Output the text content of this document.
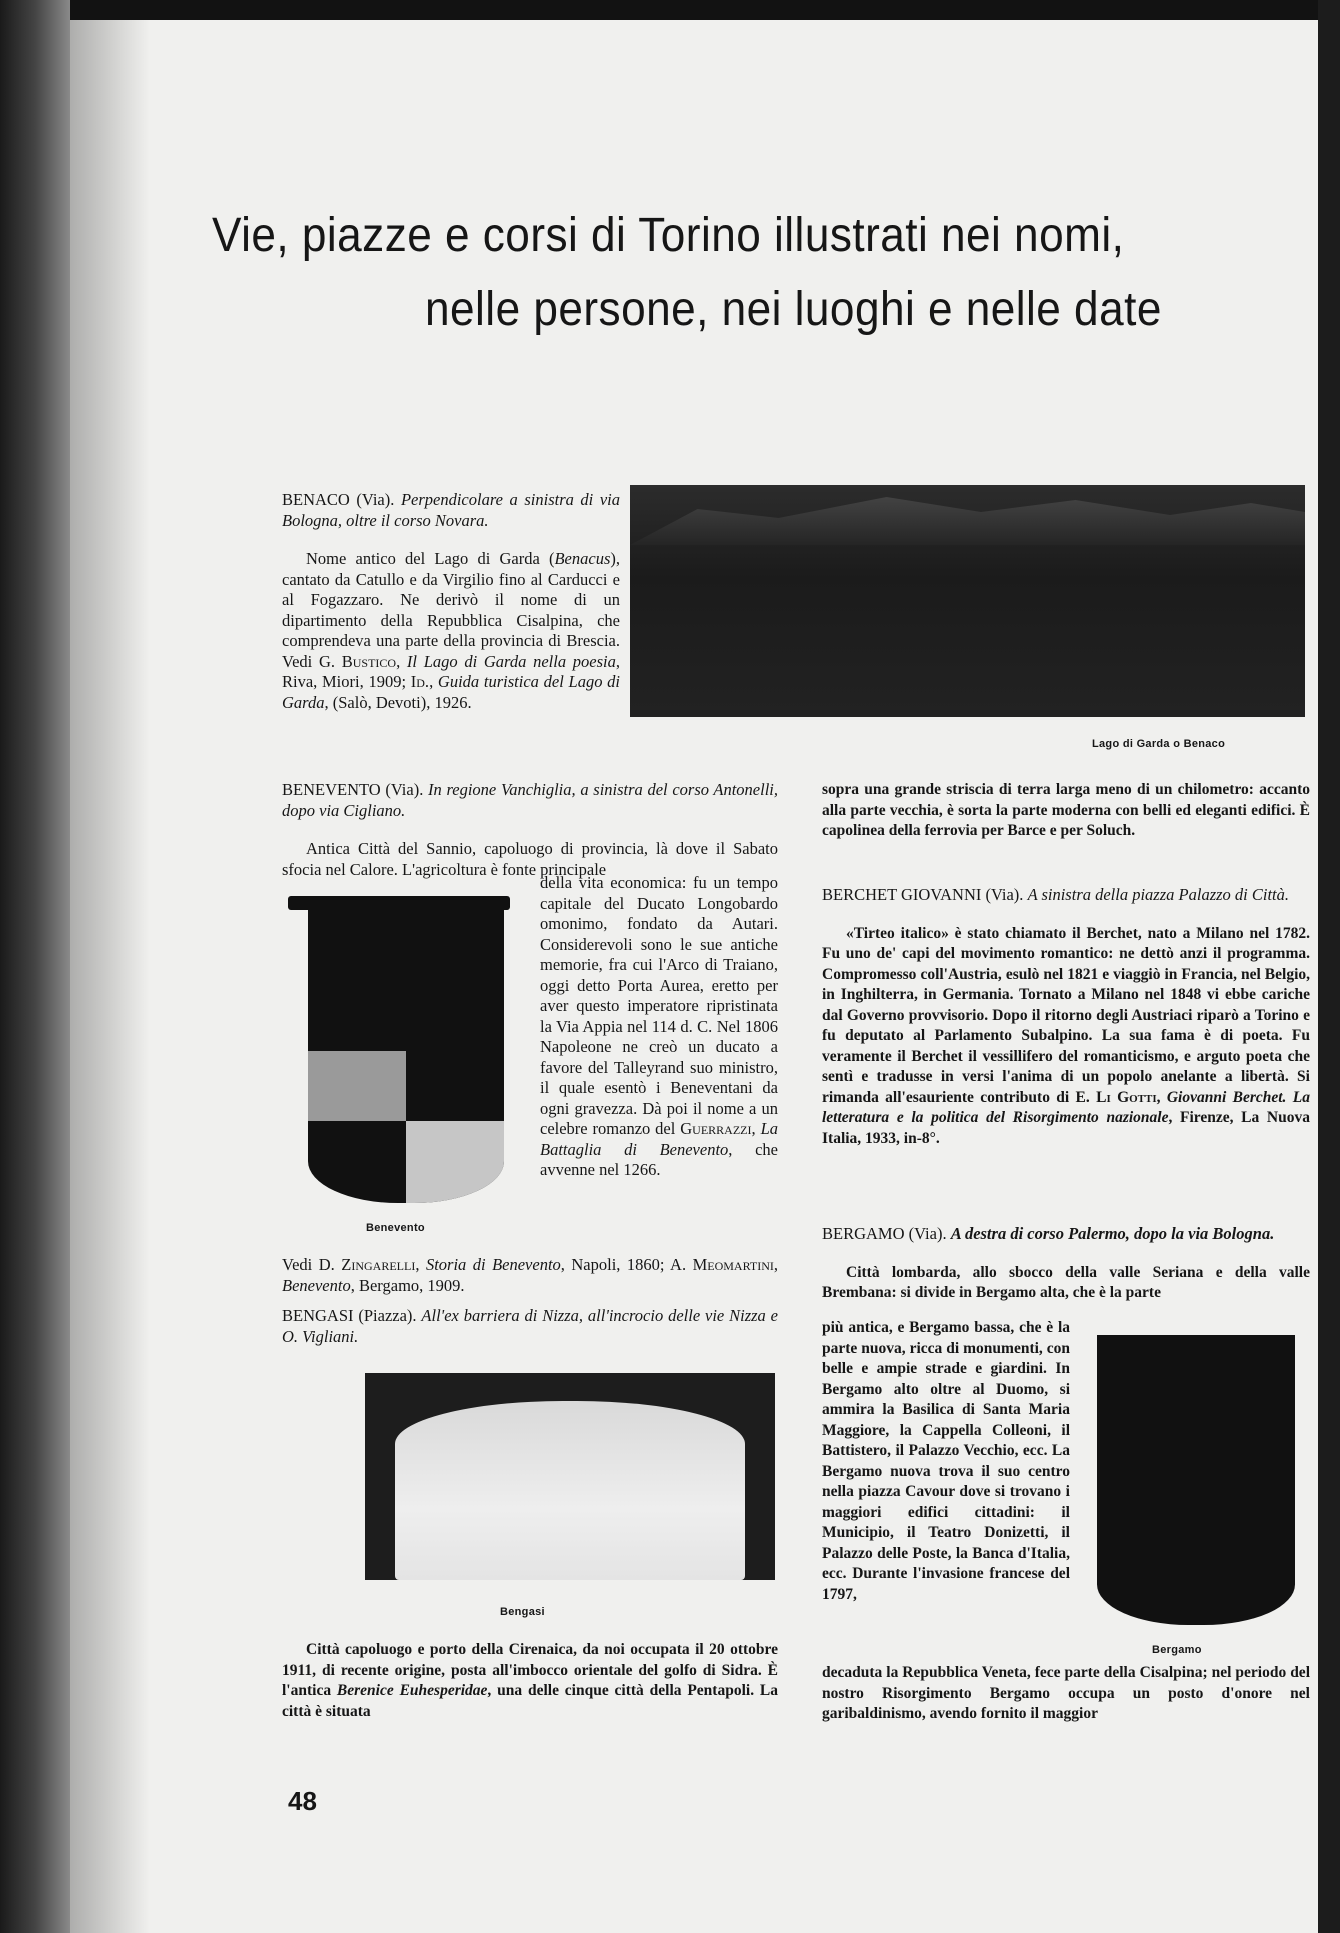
Vie, piazze e corsi di Torino illustrati nei nomi,
nelle persone, nei luoghi e nelle date

BENACO (Via). Perpendicolare a sinistra di via Bologna, oltre il corso Novara.

Nome antico del Lago di Garda (Benacus), cantato da Catullo e da Virgilio fino al Carducci e al Fogazzaro. Ne derivò il nome di un dipartimento della Repubblica Cisalpina, che comprendeva una parte della provincia di Brescia. Vedi G. Bustico, Il Lago di Garda nella poesia, Riva, Miori, 1909; Id., Guida turistica del Lago di Garda, (Salò, Devoti), 1926.

Lago di Garda o Benaco

BENEVENTO (Via). In regione Vanchiglia, a sinistra del corso Antonelli, dopo via Cigliano.

Antica Città del Sannio, capoluogo di provincia, là dove il Sabato sfocia nel Calore. L'agricoltura è fonte principale

Benevento

della vita economica: fu un tempo capitale del Ducato Longobardo omonimo, fondato da Autari. Considerevoli sono le sue antiche memorie, fra cui l'Arco di Traiano, oggi detto Porta Aurea, eretto per aver questo imperatore ripristinata la Via Appia nel 114 d. C. Nel 1806 Napoleone ne creò un ducato a favore del Talleyrand suo ministro, il quale esentò i Beneventani da ogni gravezza. Dà poi il nome a un celebre romanzo del Guerrazzi, La Battaglia di Benevento, che avvenne nel 1266.

Vedi D. Zingarelli, Storia di Benevento, Napoli, 1860; A. Meomartini, Benevento, Bergamo, 1909.

BENGASI (Piazza). All'ex barriera di Nizza, all'incrocio delle vie Nizza e O. Vigliani.

Bengasi

Città capoluogo e porto della Cirenaica, da noi occupata il 20 ottobre 1911, di recente origine, posta all'imbocco orientale del golfo di Sidra. È l'antica Berenice Euhesperidae, una delle cinque città della Pentapoli. La città è situata

sopra una grande striscia di terra larga meno di un chilometro: accanto alla parte vecchia, è sorta la parte moderna con belli ed eleganti edifici. È capolinea della ferrovia per Barce e per Soluch.

BERCHET GIOVANNI (Via). A sinistra della piazza Palazzo di Città.

«Tirteo italico» è stato chiamato il Berchet, nato a Milano nel 1782. Fu uno de' capi del movimento romantico: ne dettò anzi il programma. Compromesso coll'Austria, esulò nel 1821 e viaggiò in Francia, nel Belgio, in Inghilterra, in Germania. Tornato a Milano nel 1848 vi ebbe cariche dal Governo provvisorio. Dopo il ritorno degli Austriaci riparò a Torino e fu deputato al Parlamento Subalpino. La sua fama è di poeta. Fu veramente il Berchet il vessillifero del romanticismo, e arguto poeta che sentì e tradusse in versi l'anima di un popolo anelante a libertà. Si rimanda all'esauriente contributo di E. Li Gotti, Giovanni Berchet. La letteratura e la politica del Risorgimento nazionale, Firenze, La Nuova Italia, 1933, in-8°.

BERGAMO (Via). A destra di corso Palermo, dopo la via Bologna.

Città lombarda, allo sbocco della valle Seriana e della valle Brembana: si divide in Bergamo alta, che è la parte

più antica, e Bergamo bassa, che è la parte nuova, ricca di monumenti, con belle e ampie strade e giardini. In Bergamo alto oltre al Duomo, si ammira la Basilica di Santa Maria Maggiore, la Cappella Colleoni, il Battistero, il Palazzo Vecchio, ecc. La Bergamo nuova trova il suo centro nella piazza Cavour dove si trovano i maggiori edifici cittadini: il Municipio, il Teatro Donizetti, il Palazzo delle Poste, la Banca d'Italia, ecc. Durante l'invasione francese del 1797,

Bergamo

decaduta la Repubblica Veneta, fece parte della Cisalpina; nel periodo del nostro Risorgimento Bergamo occupa un posto d'onore nel garibaldinismo, avendo fornito il maggior

48
